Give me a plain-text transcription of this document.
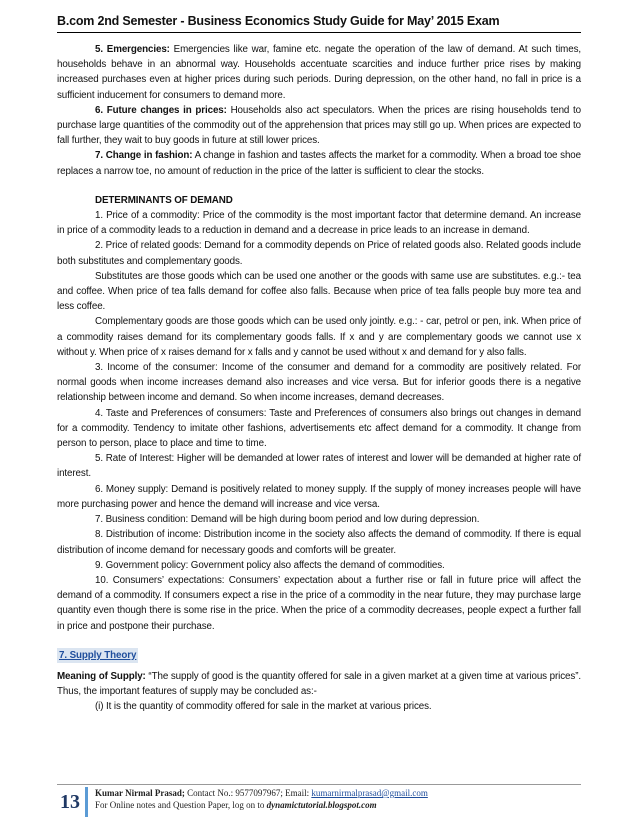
B.com 2nd Semester - Business Economics Study Guide for May’ 2015 Exam

5. Emergencies: Emergencies like war, famine etc. negate the operation of the law of demand. At such times, households behave in an abnormal way. Households accentuate scarcities and induce further price rises by making increased purchases even at higher prices during such periods. During depression, on the other hand, no fall in price is a sufficient inducement for consumers to demand more.

6. Future changes in prices: Households also act speculators. When the prices are rising households tend to purchase large quantities of the commodity out of the apprehension that prices may still go up. When prices are expected to fall further, they wait to buy goods in future at still lower prices.

7. Change in fashion: A change in fashion and tastes affects the market for a commodity. When a broad toe shoe replaces a narrow toe, no amount of reduction in the price of the latter is sufficient to clear the stocks.

DETERMINANTS OF DEMAND

1. Price of a commodity: Price of the commodity is the most important factor that determine demand. An increase in price of a commodity leads to a reduction in demand and a decrease in price leads to an increase in demand.

2. Price of related goods: Demand for a commodity depends on Price of related goods also. Related goods include both substitutes and complementary goods.

Substitutes are those goods which can be used one another or the goods with same use are substitutes. e.g.:- tea and coffee. When price of tea falls demand for coffee also falls. Because when price of tea falls people buy more tea and less coffee.

Complementary goods are those goods which can be used only jointly. e.g.: - car, petrol or pen, ink. When price of a commodity raises demand for its complementary goods falls. If x and y are complementary goods we cannot use x without y. When price of x raises demand for x falls and y cannot be used without x and demand for y also falls.

3. Income of the consumer: Income of the consumer and demand for a commodity are positively related. For normal goods when income increases demand also increases and vice versa. But for inferior goods there is a negative relationship between income and demand. So when income increases, demand decreases.

4. Taste and Preferences of consumers: Taste and Preferences of consumers also brings out changes in demand for a commodity. Tendency to imitate other fashions, advertisements etc affect demand for a commodity. It change from person to person, place to place and time to time.

5. Rate of Interest: Higher will be demanded at lower rates of interest and lower will be demanded at higher rate of interest.

6. Money supply: Demand is positively related to money supply. If the supply of money increases people will have more purchasing power and hence the demand will increase and vice versa.

7. Business condition: Demand will be high during boom period and low during depression.

8. Distribution of income: Distribution income in the society also affects the demand of commodity. If there is equal distribution of income demand for necessary goods and comforts will be greater.

9. Government policy: Government policy also affects the demand of commodities.

10. Consumers’ expectations: Consumers’ expectation about a further rise or fall in future price will affect the demand of a commodity. If consumers expect a rise in the price of a commodity in the near future, they may purchase large quantity even though there is some rise in the price. When the price of a commodity decreases, people expect a further fall in price and postpone their purchase.

7. Supply Theory

Meaning of Supply: “The supply of good is the quantity offered for sale in a given market at a given time at various prices”. Thus, the important features of supply may be concluded as:-

(i) It is the quantity of commodity offered for sale in the market at various prices.

13	Kumar Nirmal Prasad; Contact No.: 9577097967; Email: kumarnirmalprasad@gmail.com
For Online notes and Question Paper, log on to dynamictutorial.blogspot.com
